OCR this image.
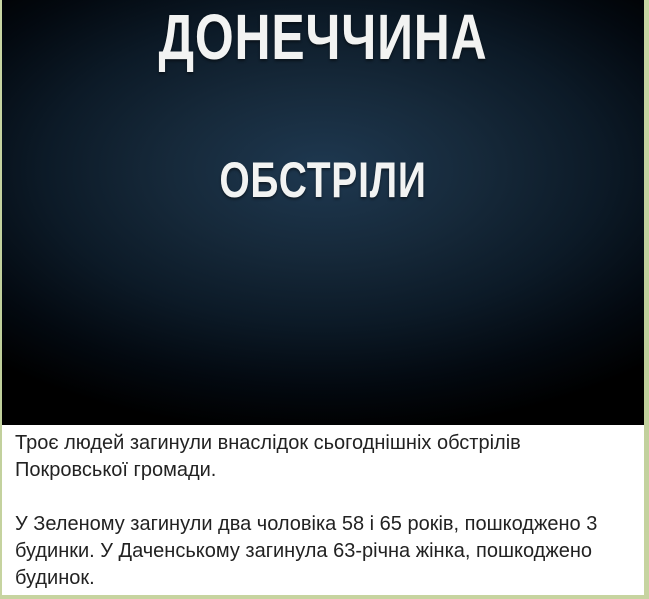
ДОНЕЧЧИНА
ОБСТРІЛИ

Троє людей загинули внаслідок сьогоднішніх обстрілів Покровської громади.

У Зеленому загинули два чоловіка 58 і 65 років, пошкоджено 3 будинки. У Даченському загинула 63-річна жінка, пошкоджено будинок.
